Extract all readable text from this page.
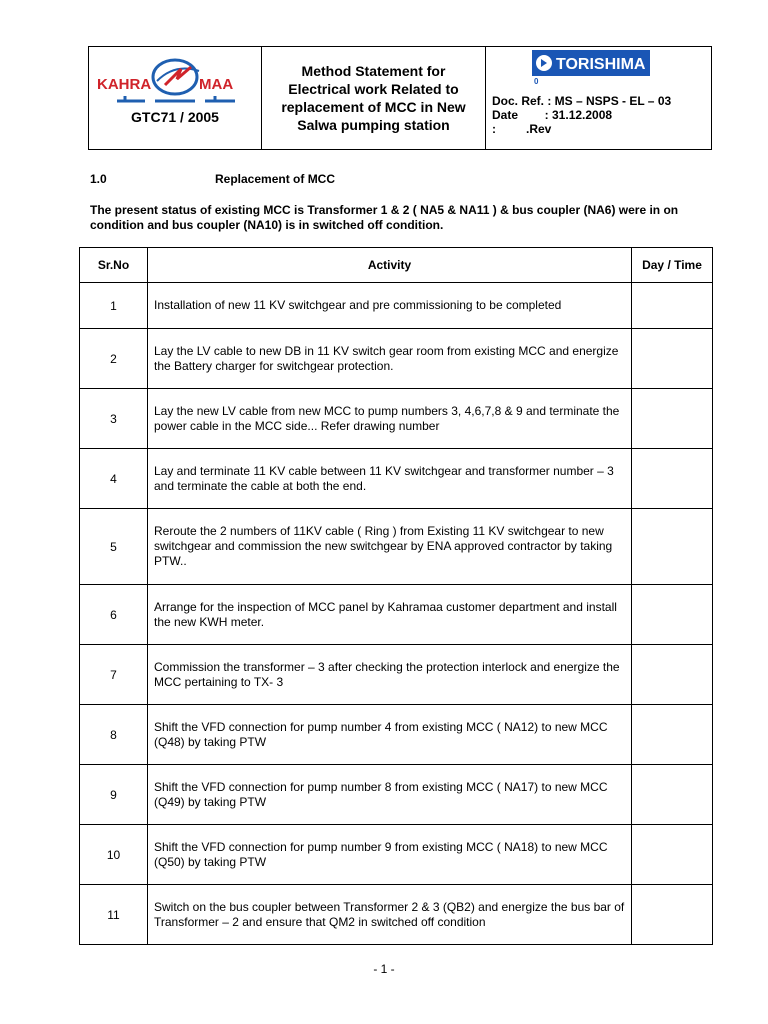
KAHRA	MAA
GTC71 / 2005
Method Statement for Electrical work Related to replacement of MCC in New Salwa pumping station
TORISHIMA
0
Doc. Ref. : MS – NSPS - EL – 03
Date        : 31.12.2008
:         .Rev
1.0	Replacement of MCC
The present status of existing MCC is Transformer 1 & 2 ( NA5 & NA11 ) & bus coupler (NA6) were in on condition and bus coupler (NA10) is in switched off condition.
Sr.No	Activity	Day / Time
1	Installation of new 11 KV switchgear and pre commissioning to be completed	
2	Lay the LV cable to new DB in 11 KV switch gear room from existing MCC and energize the Battery charger for switchgear protection.	
3	Lay the new LV cable from new MCC to pump numbers 3, 4,6,7,8 & 9 and terminate the power cable in the MCC side... Refer drawing number	
4	Lay and terminate 11 KV cable between 11 KV switchgear and transformer number – 3 and terminate the cable at both the end.	
5	Reroute the 2 numbers of 11KV cable ( Ring ) from Existing 11 KV switchgear to new switchgear and commission the new switchgear by ENA approved contractor by taking PTW..	
6	Arrange for the inspection of MCC panel by Kahramaa customer department and install the new KWH meter.	
7	Commission the transformer – 3 after checking the protection interlock and energize the MCC pertaining to TX- 3	
8	Shift the VFD connection for pump number 4 from existing MCC ( NA12) to new MCC (Q48) by taking PTW	
9	Shift the VFD connection for pump number 8 from existing MCC ( NA17) to new MCC (Q49) by taking PTW	
10	Shift the VFD connection for pump number 9 from existing MCC ( NA18) to new MCC (Q50) by taking PTW	
11	Switch on the bus coupler between Transformer 2 & 3 (QB2) and energize the bus bar of Transformer – 2 and ensure that QM2 in switched off condition	
- 1 -
